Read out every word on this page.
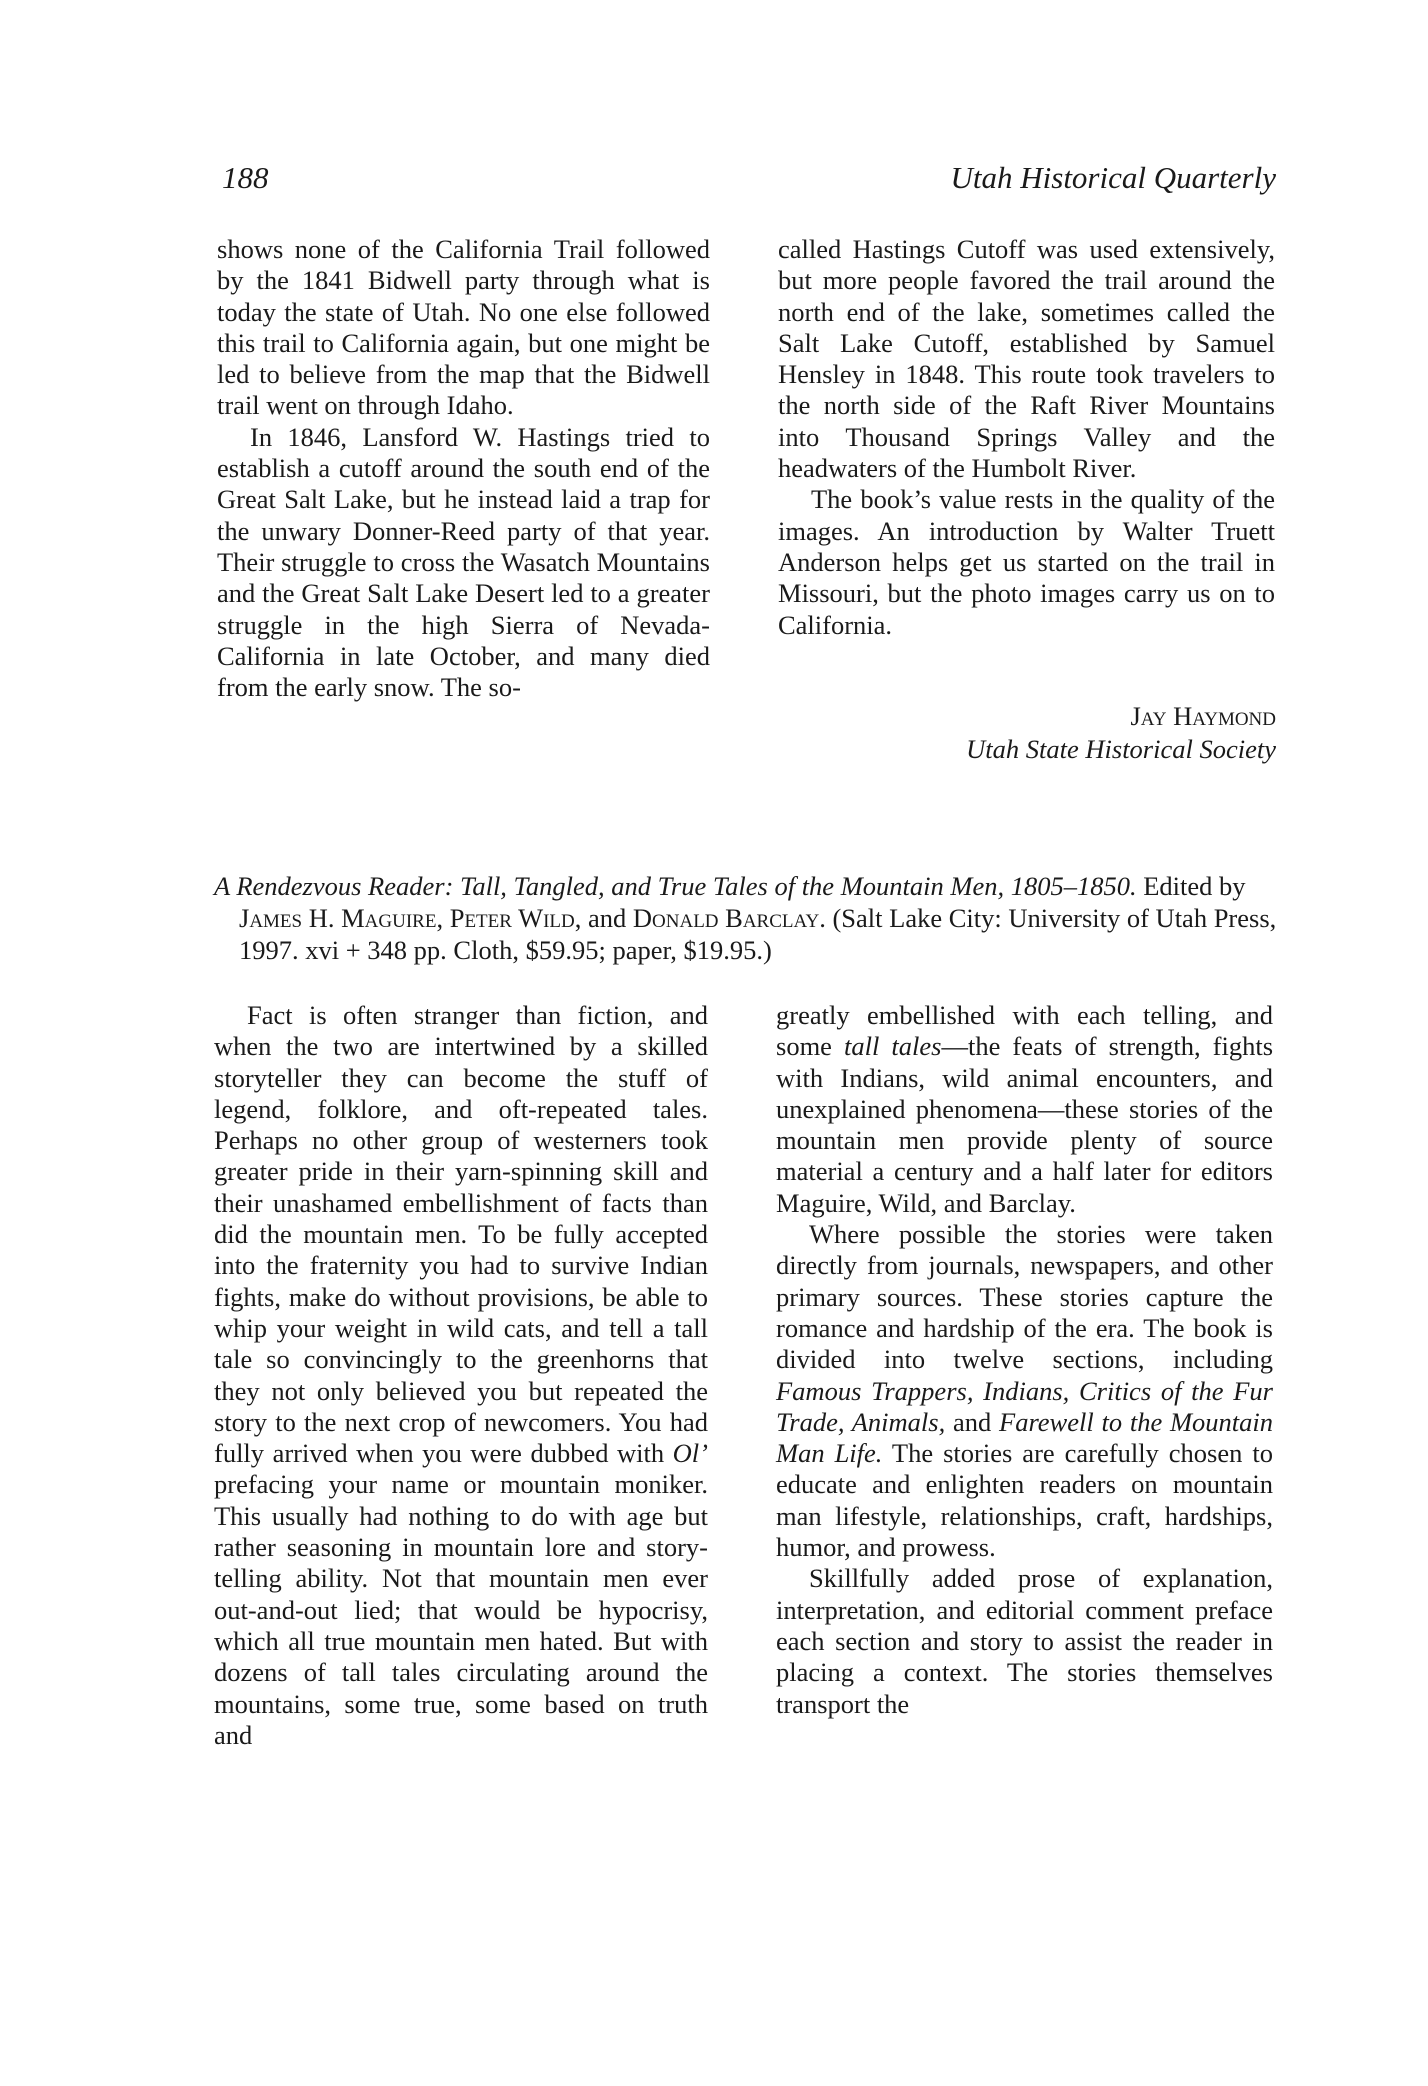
188	Utah Historical Quarterly

shows none of the California Trail followed by the 1841 Bidwell party through what is today the state of Utah. No one else followed this trail to California again, but one might be led to believe from the map that the Bidwell trail went on through Idaho.

In 1846, Lansford W. Hastings tried to establish a cutoff around the south end of the Great Salt Lake, but he instead laid a trap for the unwary Donner-Reed party of that year. Their struggle to cross the Wasatch Mountains and the Great Salt Lake Desert led to a greater struggle in the high Sierra of Nevada-California in late October, and many died from the early snow. The so-

called Hastings Cutoff was used extensively, but more people favored the trail around the north end of the lake, sometimes called the Salt Lake Cutoff, established by Samuel Hensley in 1848. This route took travelers to the north side of the Raft River Mountains into Thousand Springs Valley and the headwaters of the Humbolt River.

The book’s value rests in the quality of the images. An introduction by Walter Truett Anderson helps get us started on the trail in Missouri, but the photo images carry us on to California.

Jay Haymond
Utah State Historical Society
A Rendezvous Reader: Tall, Tangled, and True Tales of the Mountain Men, 1805–1850. Edited by James H. Maguire, Peter Wild, and Donald Barclay. (Salt Lake City: University of Utah Press, 1997. xvi + 348 pp. Cloth, $59.95; paper, $19.95.)

Fact is often stranger than fiction, and when the two are intertwined by a skilled storyteller they can become the stuff of legend, folklore, and oft-repeated tales. Perhaps no other group of westerners took greater pride in their yarn-spinning skill and their unashamed embellishment of facts than did the mountain men. To be fully accepted into the fraternity you had to survive Indian fights, make do without provisions, be able to whip your weight in wild cats, and tell a tall tale so convincingly to the greenhorns that they not only believed you but repeated the story to the next crop of newcomers. You had fully arrived when you were dubbed with Ol’ prefacing your name or mountain moniker. This usually had nothing to do with age but rather seasoning in mountain lore and story-telling ability. Not that mountain men ever out-and-out lied; that would be hypocrisy, which all true mountain men hated. But with dozens of tall tales circulating around the mountains, some true, some based on truth and

greatly embellished with each telling, and some tall tales—the feats of strength, fights with Indians, wild animal encounters, and unexplained phenomena—these stories of the mountain men provide plenty of source material a century and a half later for editors Maguire, Wild, and Barclay.

Where possible the stories were taken directly from journals, newspapers, and other primary sources. These stories capture the romance and hardship of the era. The book is divided into twelve sections, including Famous Trappers, Indians, Critics of the Fur Trade, Animals, and Farewell to the Mountain Man Life. The stories are carefully chosen to educate and enlighten readers on mountain man lifestyle, relationships, craft, hardships, humor, and prowess.

Skillfully added prose of explanation, interpretation, and editorial comment preface each section and story to assist the reader in placing a context. The stories themselves transport the
